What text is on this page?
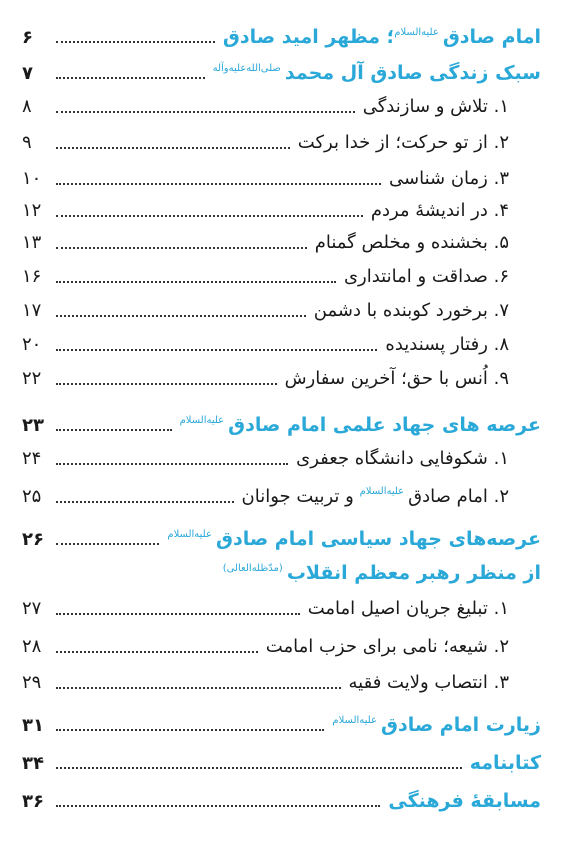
امام صادق
علیه‌السلام
؛ مظهر امید صادق
۶
سبک زندگی صادق آل محمد
صلی‌الله‌علیه‌وآله
۷
۱. تلاش و سازندگی
۸
۲. از تو حرکت؛ از خدا برکت
۹
۳. زمان شناسی
۱۰
۴. در اندیشهٔ مردم
۱۲
۵. بخشنده و مخلص گمنام
۱۳
۶. صداقت و امانتداری
۱۶
۷. برخورد کوبنده با دشمن
۱۷
۸. رفتار پسندیده
۲۰
۹. اُنس با حق؛ آخرین سفارش
۲۲
عرصه های جهاد علمی امام صادق
علیه‌السلام
۲۳
۱. شکوفایی دانشگاه جعفری
۲۴
۲. امام صادق
علیه‌السلام
و تربیت جوانان
۲۵
عرصه‌های جهاد سیاسی امام صادق
علیه‌السلام
۲۶
۱. تبلیغ جریان اصیل امامت
۲۷
۲. شیعه؛ نامی برای حزب امامت
۲۸
۳. انتصاب ولایت فقیه
۲۹
زیارت امام صادق
علیه‌السلام
۳۱
کتابنامه
۳۴
مسابقهٔ فرهنگی
۳۶
از منظر رهبر معظم انقلاب
(مدّظله‌العالی)
